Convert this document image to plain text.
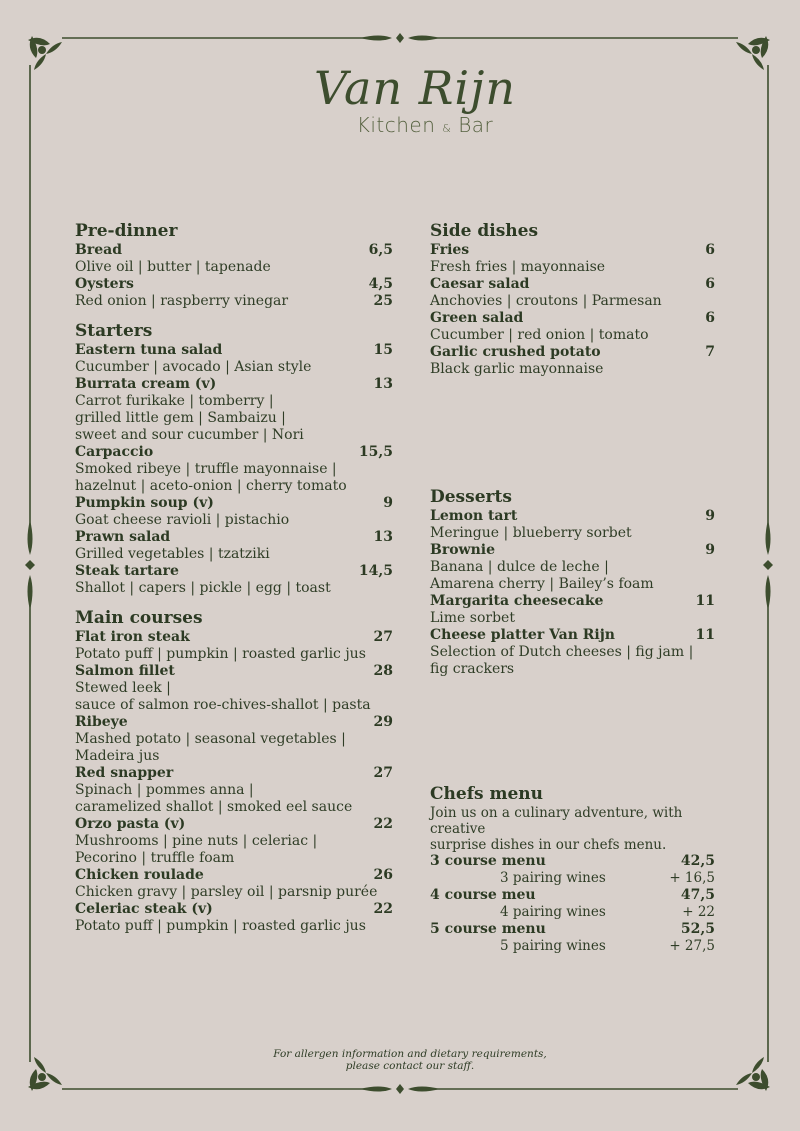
Van Rijn
Kitchen & Bar
Pre-dinner
Bread	6,5
Olive oil | butter | tapenade
Oysters	4,5
Red onion | raspberry vinegar	25
Starters
Eastern tuna salad	15
Cucumber | avocado | Asian style
Burrata cream (v)	13
Carrot furikake | tomberry |
grilled little gem | Sambaizu |
sweet and sour cucumber | Nori
Carpaccio	15,5
Smoked ribeye | truffle mayonnaise |
hazelnut | aceto-onion | cherry tomato
Pumpkin soup (v)	9
Goat cheese ravioli | pistachio
Prawn salad	13
Grilled vegetables | tzatziki
Steak tartare	14,5
Shallot | capers | pickle | egg | toast
Main courses
Flat iron steak	27
Potato puff | pumpkin | roasted garlic jus
Salmon fillet	28
Stewed leek |
sauce of salmon roe-chives-shallot | pasta
Ribeye	29
Mashed potato | seasonal vegetables |
Madeira jus
Red snapper	27
Spinach | pommes anna |
caramelized shallot | smoked eel sauce
Orzo pasta (v)	22
Mushrooms | pine nuts | celeriac |
Pecorino | truffle foam
Chicken roulade	26
Chicken gravy | parsley oil | parsnip purée
Celeriac steak (v)	22
Potato puff | pumpkin | roasted garlic jus
Side dishes
Fries	6
Fresh fries | mayonnaise
Caesar salad	6
Anchovies | croutons | Parmesan
Green salad	6
Cucumber | red onion | tomato
Garlic crushed potato	7
Black garlic mayonnaise
Desserts
Lemon tart	9
Meringue | blueberry sorbet
Brownie	9
Banana | dulce de leche |
Amarena cherry | Bailey’s foam
Margarita cheesecake	11
Lime sorbet
Cheese platter Van Rijn	11
Selection of Dutch cheeses | fig jam |
fig crackers
Chefs menu
Join us on a culinary adventure, with creative
surprise dishes in our chefs menu.
3 course menu	42,5
3 pairing wines	+ 16,5
4 course meu	47,5
4 pairing wines	+ 22
5 course menu	52,5
5 pairing wines	+ 27,5
For allergen information and dietary requirements,
please contact our staff.
